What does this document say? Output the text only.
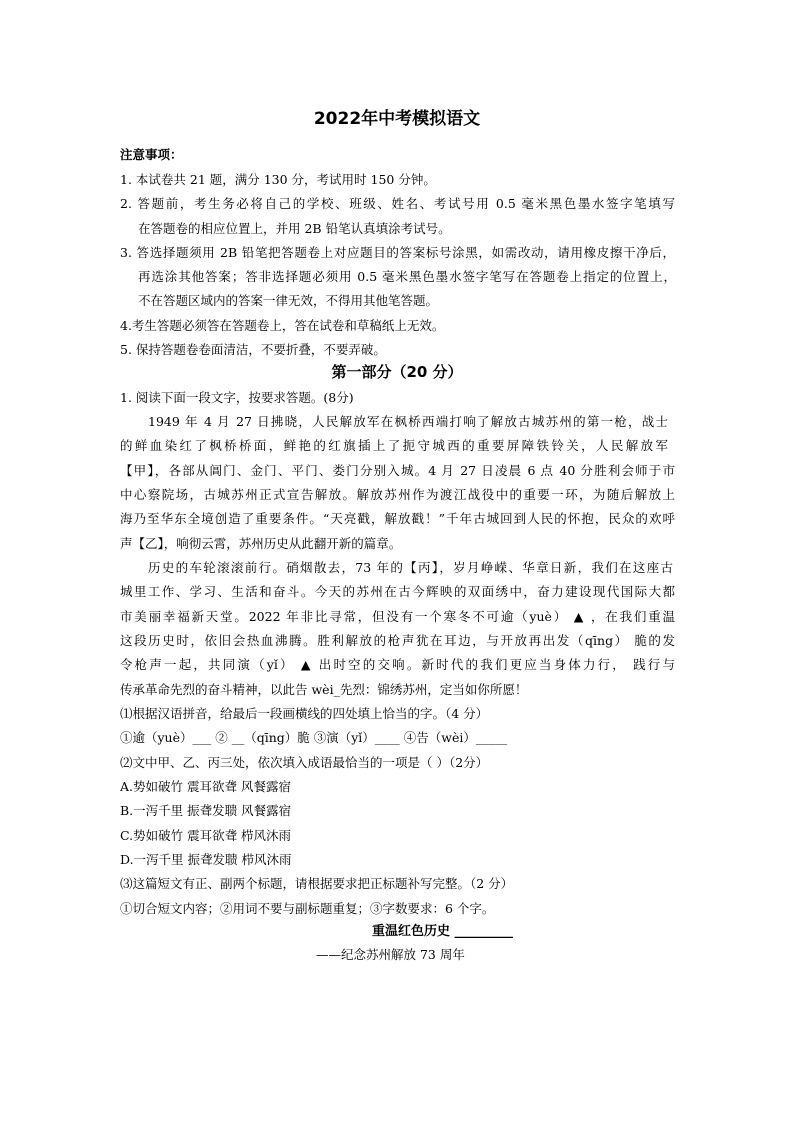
2022年中考模拟语文
注意事项：
1. 本试卷共 21 题，满分 130 分，考试用时 150 分钟。
2. 答题前，考生务必将自己的学校、班级、姓名、考试号用 0.5 毫米黑色墨水签字笔填写
在答题卷的相应位置上，并用 2B 铅笔认真填涂考试号。
3. 答选择题须用 2B 铅笔把答题卷上对应题目的答案标号涂黑，如需改动，请用橡皮擦干净后，
再选涂其他答案；答非选择题必须用 0.5 毫米黑色墨水签字笔写在答题卷上指定的位置上，
不在答题区域内的答案一律无效，不得用其他笔答题。
4.考生答题必须答在答题卷上，答在试卷和草稿纸上无效。
5. 保持答题卷卷面清洁，不要折叠，不要弄破。
第一部分（20 分）
1. 阅读下面一段文字，按要求答题。(8分)
1949 年 4 月 27 日拂晓，人民解放军在枫桥西端打响了解放古城苏州的第一枪，战士
的鲜血染红了枫桥桥面，鲜艳的红旗插上了扼守城西的重要屏障铁铃关，人民解放军
【甲】，各部从阊门、金门、平门、娄门分别入城。4 月 27 日凌晨 6 点 40 分胜利会师于市
中心察院场，古城苏州正式宣告解放。解放苏州作为渡江战役中的重要一环，为随后解放上
海乃至华东全境创造了重要条件。“天亮戳，解放戳！”千年古城回到人民的怀抱，民众的欢呼
声【乙】，响彻云霄，苏州历史从此翻开新的篇章。
历史的车轮滚滚前行。硝烟散去，73 年的【丙】，岁月峥嵘、华章日新，我们在这座古
城里工作、学习、生活和奋斗。今天的苏州在古今辉映的双面绣中，奋力建设现代国际大都
市美丽幸福新天堂。2022 年非比寻常，但没有一个寒冬不可逾（yuè） ▲ ，在我们重温
这段历史时，依旧会热血沸腾。胜利解放的枪声犹在耳边，与开放再出发（qīng） 脆的发
令枪声一起，共同演（yǐ） ▲ 出时空的交响。新时代的我们更应当身体力行， 践行与
传承革命先烈的奋斗精神，以此告 wèi_先烈：锦绣苏州，定当如你所愿！
⑴根据汉语拼音，给最后一段画横线的四处填上恰当的字。（4 分）
①逾（yuè）___ ② __（qīng）脆 ③演（yǐ）____ ④告（wèi）_____
⑵文中甲、乙、丙三处，依次填入成语最恰当的一项是（ ）（2分）
A.势如破竹 震耳欲聋 风餐露宿
B.一泻千里 振聋发聩 风餐露宿
C.势如破竹 震耳欲聋 栉风沐雨
D.一泻千里 振聋发聩 栉风沐雨
⑶这篇短文有正、副两个标题，请根据要求把正标题补写完整。（2 分）
①切合短文内容；②用词不要与副标题重复；③字数要求：6 个字。
重温红色历史 _________
——纪念苏州解放 73 周年
